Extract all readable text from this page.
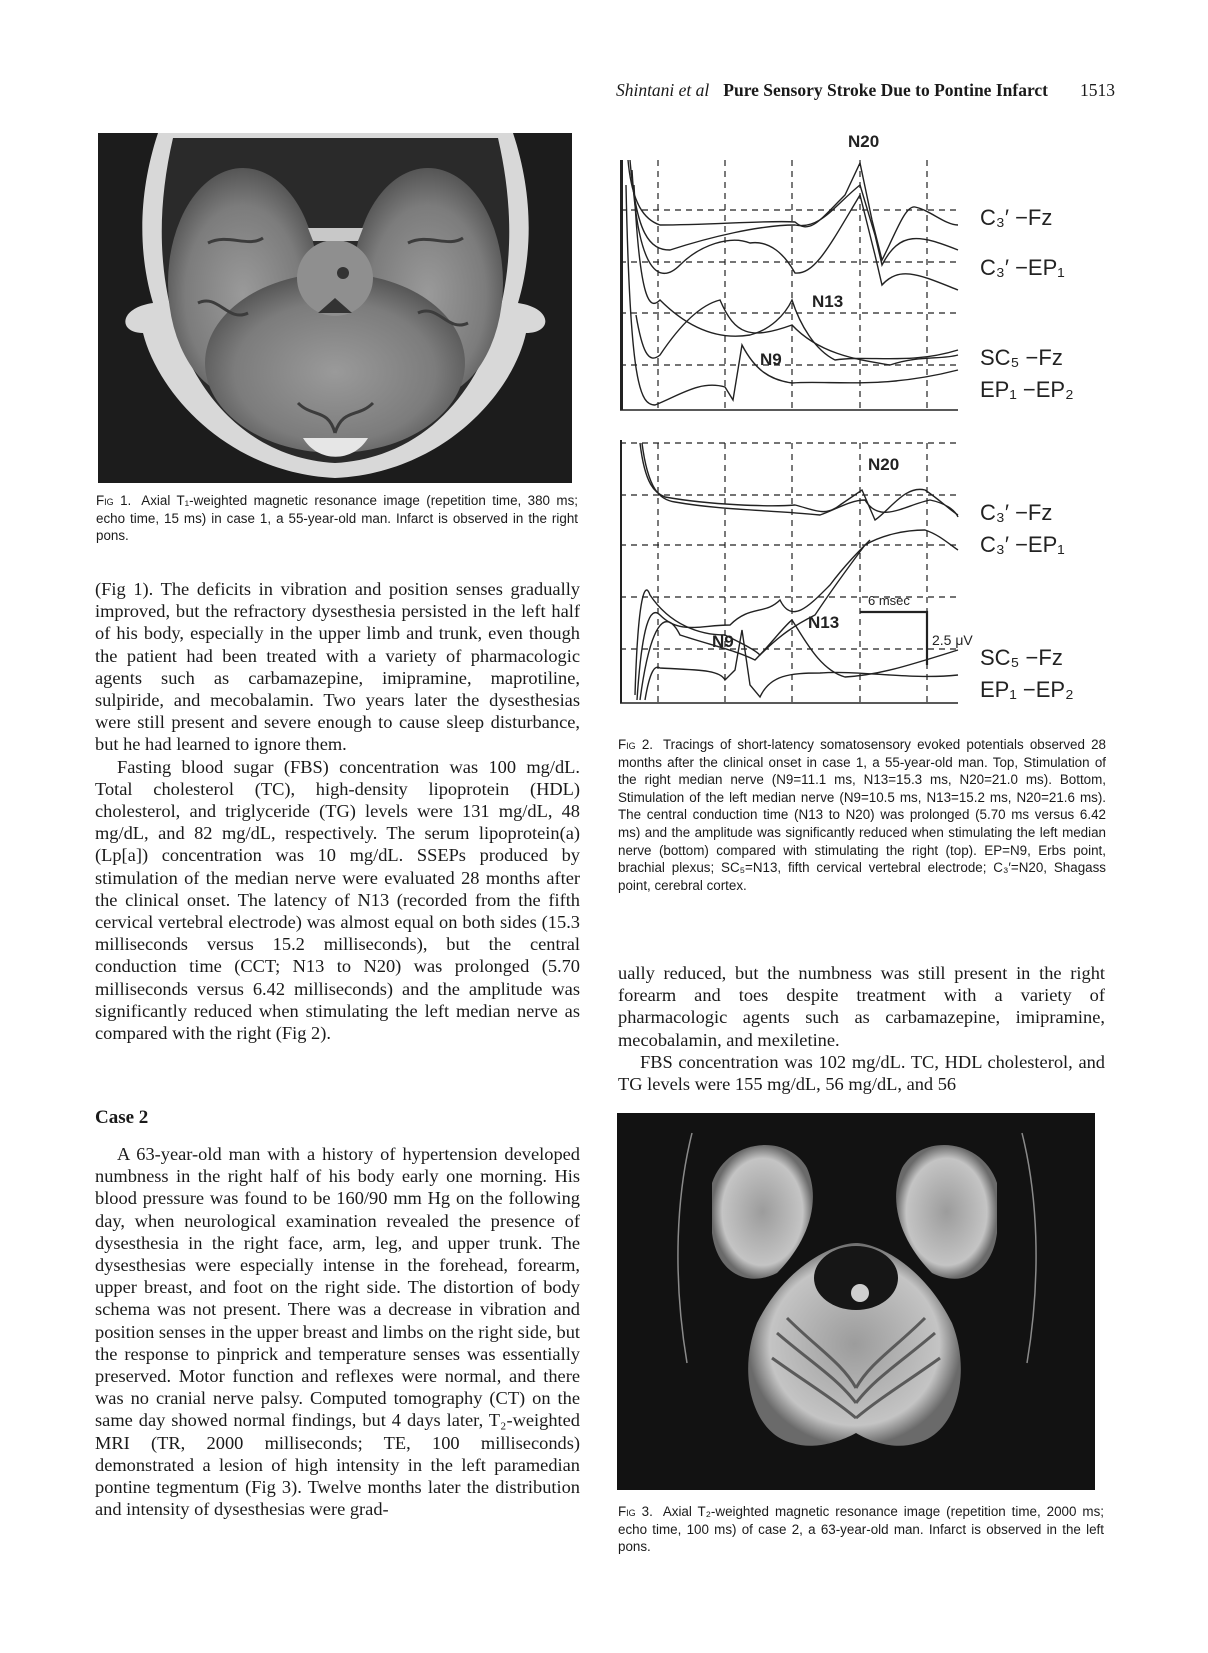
Shintani et al Pure Sensory Stroke Due to Pontine Infarct 1513
Fig 1. Axial T₁-weighted magnetic resonance image (repetition time, 380 ms; echo time, 15 ms) in case 1, a 55-year-old man. Infarct is observed in the right pons.

(Fig 1). The deficits in vibration and position senses gradually improved, but the refractory dysesthesia persisted in the left half of his body, especially in the upper limb and trunk, even though the patient had been treated with a variety of pharmacologic agents such as carbamazepine, imipramine, maprotiline, sulpiride, and mecobalamin. Two years later the dysesthesias were still present and severe enough to cause sleep disturbance, but he had learned to ignore them.

Fasting blood sugar (FBS) concentration was 100 mg/dL. Total cholesterol (TC), high-density lipoprotein (HDL) cholesterol, and triglyceride (TG) levels were 131 mg/dL, 48 mg/dL, and 82 mg/dL, respectively. The serum lipoprotein(a) (Lp[a]) concentration was 10 mg/dL. SSEPs produced by stimulation of the median nerve were evaluated 28 months after the clinical onset. The latency of N13 (recorded from the fifth cervical vertebral electrode) was almost equal on both sides (15.3 milliseconds versus 15.2 milliseconds), but the central conduction time (CCT; N13 to N20) was prolonged (5.70 milliseconds versus 6.42 milliseconds) and the amplitude was significantly reduced when stimulating the left median nerve as compared with the right (Fig 2).

Case 2

A 63-year-old man with a history of hypertension developed numbness in the right half of his body early one morning. His blood pressure was found to be 160/90 mm Hg on the following day, when neurological examination revealed the presence of dysesthesia in the right face, arm, leg, and upper trunk. The dysesthesias were especially intense in the forehead, forearm, upper breast, and foot on the right side. The distortion of body schema was not present. There was a decrease in vibration and position senses in the upper breast and limbs on the right side, but the response to pinprick and temperature senses was essentially preserved. Motor function and reflexes were normal, and there was no cranial nerve palsy. Computed tomography (CT) on the same day showed normal findings, but 4 days later, T₂-weighted MRI (TR, 2000 milliseconds; TE, 100 milliseconds) demonstrated a lesion of high intensity in the left paramedian pontine tegmentum (Fig 3). Twelve months later the distribution and intensity of dysesthesias were grad-

N20
N13
N9
C₃′ −Fz
C₃′ −EP₁
SC₅ −Fz
EP₁ −EP₂
N20
N13
N9
C₃′ −Fz
C₃′ −EP₁
SC₅ −Fz
EP₁ −EP₂
6 msec
2.5 μV
Fig 2. Tracings of short-latency somatosensory evoked potentials observed 28 months after the clinical onset in case 1, a 55-year-old man. Top, Stimulation of the right median nerve (N9=11.1 ms, N13=15.3 ms, N20=21.0 ms). Bottom, Stimulation of the left median nerve (N9=10.5 ms, N13=15.2 ms, N20=21.6 ms). The central conduction time (N13 to N20) was prolonged (5.70 ms versus 6.42 ms) and the amplitude was significantly reduced when stimulating the left median nerve (bottom) compared with stimulating the right (top). EP=N9, Erbs point, brachial plexus; SC₅=N13, fifth cervical vertebral electrode; C₃′=N20, Shagass point, cerebral cortex.

ually reduced, but the numbness was still present in the right forearm and toes despite treatment with a variety of pharmacologic agents such as carbamazepine, imipramine, mecobalamin, and mexiletine.

FBS concentration was 102 mg/dL. TC, HDL cholesterol, and TG levels were 155 mg/dL, 56 mg/dL, and 56

Fig 3. Axial T₂-weighted magnetic resonance image (repetition time, 2000 ms; echo time, 100 ms) of case 2, a 63-year-old man. Infarct is observed in the left pons.
